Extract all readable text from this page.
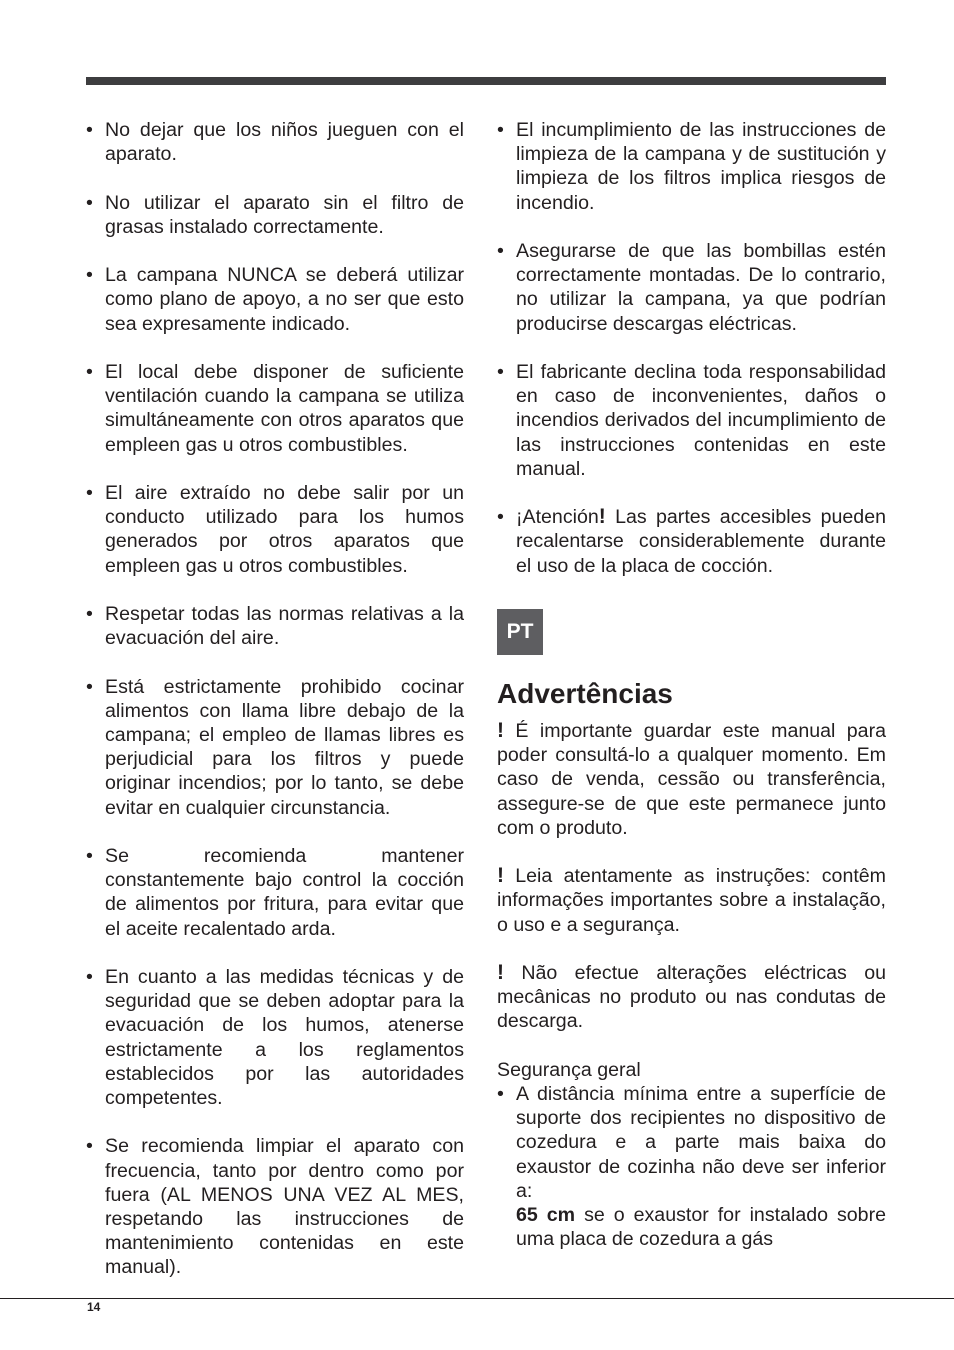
• No dejar que los niños jueguen con el aparato.
• No utilizar el aparato sin el filtro de grasas instalado correctamente.
• La campana NUNCA se deberá utilizar como plano de apoyo, a no ser que esto sea expresamente indicado.
• El local debe disponer de suficiente ventilación cuando la campana se utiliza simultáneamente con otros aparatos que empleen gas u otros combustibles.
• El aire extraído no debe salir por un conducto utilizado para los humos generados por otros aparatos que empleen gas u otros combustibles.
• Respetar todas las normas relativas a la evacuación del aire.
• Está estrictamente prohibido cocinar alimentos con llama libre debajo de la campana; el empleo de llamas libres es perjudicial para los filtros y puede originar incendios; por lo tanto, se debe evitar en cualquier circunstancia.
• Se recomienda mantener constantemente bajo control la cocción de alimentos por fritura, para evitar que el aceite recalentado arda.
• En cuanto a las medidas técnicas y de seguridad que se deben adoptar para la evacuación de los humos, atenerse estrictamente a los reglamentos establecidos por las autoridades competentes.
• Se recomienda limpiar el aparato con frecuencia, tanto por dentro como por fuera (AL MENOS UNA VEZ AL MES, respetando las instrucciones de mantenimiento contenidas en este manual).
• El incumplimiento de las instrucciones de limpieza de la campana y de sustitución y limpieza de los filtros implica riesgos de incendio.
• Asegurarse de que las bombillas estén correctamente montadas. De lo contrario, no utilizar la campana, ya que podrían producirse descargas eléctricas.
• El fabricante declina toda responsabilidad en caso de inconvenientes, daños o incendios derivados del incumplimiento de las instrucciones contenidas en este manual.
• ¡Atención! Las partes accesibles pueden recalentarse considerablemente durante el uso de la placa de cocción.
PT
Advertências

! É importante guardar este manual para poder consultá-lo a qualquer momento. Em caso de venda, cessão ou transferência, assegure-se de que este permanece junto com o produto.

! Leia atentamente as instruções: contêm informações importantes sobre a instalação, o uso e a segurança.

! Não efectue alterações eléctricas ou mecânicas no produto ou nas condutas de descarga.

Segurança geral

• A distância mínima entre a superfície de suporte dos recipientes no dispositivo de cozedura e a parte mais baixa do exaustor de cozinha não deve ser inferior a:
65 cm se o exaustor for instalado sobre uma placa de cozedura a gás
14
